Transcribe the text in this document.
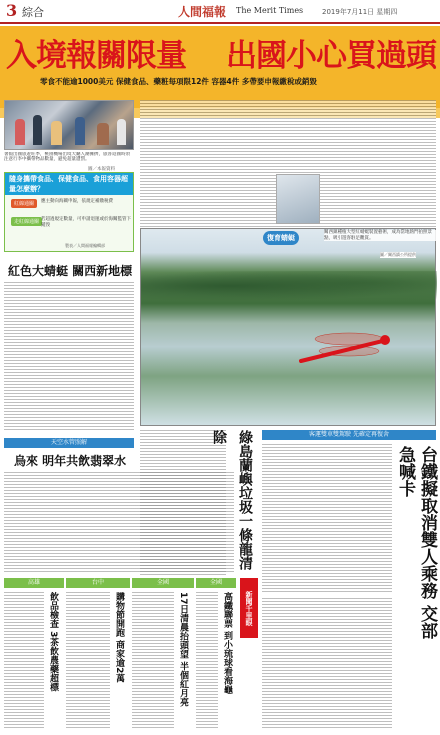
3 綜合	人間福報 The Merit Times	2019年7月11日 星期四
入境報關限量 出國小心買過頭
零食不能逾1000美元 保健食品、藥粧每項限12件 容器4件 多帶要申報繳稅或銷毀
暑假出國旅遊旺季，桃園機場出境大廳人潮擁擠，旅客返國時須注意行李中攜帶物品數量，避免超量遭罰。
圖／本報資料
隨身攜帶食品、保健食品、食用容器超量怎麼辦？
紅線通關	應主動向海關申報，依規定補繳稅費
走紅線通關 若超過規定數量，可申請退運或於海關監管下銷毀
製表／人間福報編輯部
復育蜻蜓
關西鎮種植大型紅蜻蜓裝置藝術，成為當地熱門拍照景點，吸引遊客駐足觀賞。
圖／關西鎮公所提供
紅色大蜻蜓 關西新地標
天空水管照解
烏來 明年共飲翡翠水	綠島蘭嶼垃圾一條龍清除	客運雙車雙駕駛 先確定再復舍
台鐵擬取消雙人乘務 交部急喊卡
高雄	台中	全國	全國
飲品檢查 3茶飲農藥超標	購物節開跑 商家逾2萬	17日清晨抬頭望 半個紅月亮	高鐵聯票 到小琉球看海龜	新聞千里眼
